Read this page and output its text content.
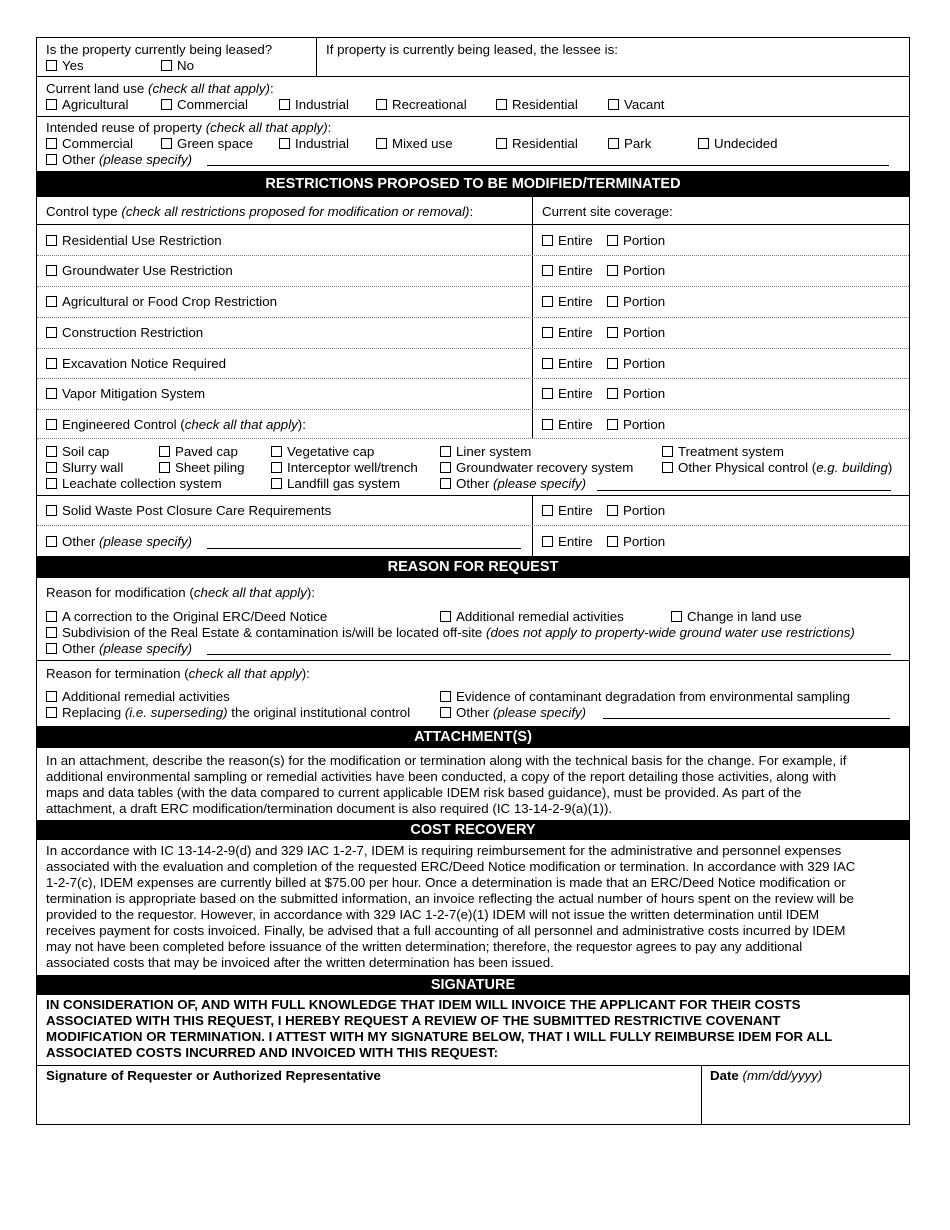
Is the property currently being leased?
Yes	No
If property is currently being leased, the lessee is:
Current land use (check all that apply):
Agricultural	Commercial	Industrial	Recreational	Residential	Vacant
Intended reuse of property (check all that apply):
Commercial	Green space	Industrial	Mixed use	Residential	Park	Undecided
Other (please specify)
RESTRICTIONS PROPOSED TO BE MODIFIED/TERMINATED
Control type (check all restrictions proposed for modification or removal):	Current site coverage:
Residential Use Restriction	Entire	Portion
Groundwater Use Restriction	Entire	Portion
Agricultural or Food Crop Restriction	Entire	Portion
Construction Restriction	Entire	Portion
Excavation Notice Required	Entire	Portion
Vapor Mitigation System	Entire	Portion
Engineered Control (check all that apply):	Entire	Portion
Soil cap	Paved cap	Vegetative cap	Liner system	Treatment system
Slurry wall	Sheet piling	Interceptor well/trench	Groundwater recovery system	Other Physical control (e.g. building)
Leachate collection system	Landfill gas system	Other (please specify)
Solid Waste Post Closure Care Requirements	Entire	Portion
Other (please specify)	Entire	Portion
REASON FOR REQUEST
Reason for modification (check all that apply):
A correction to the Original ERC/Deed Notice	Additional remedial activities	Change in land use
Subdivision of the Real Estate & contamination is/will be located off-site (does not apply to property-wide ground water use restrictions)
Other (please specify)
Reason for termination (check all that apply):
Additional remedial activities	Evidence of contaminant degradation from environmental sampling
Replacing (i.e. superseding) the original institutional control	Other (please specify)
ATTACHMENT(S)
In an attachment, describe the reason(s) for the modification or termination along with the technical basis for the change. For example, if
additional environmental sampling or remedial activities have been conducted, a copy of the report detailing those activities, along with
maps and data tables (with the data compared to current applicable IDEM risk based guidance), must be provided. As part of the
attachment, a draft ERC modification/termination document is also required (IC 13-14-2-9(a)(1)).
COST RECOVERY
In accordance with IC 13-14-2-9(d) and 329 IAC 1-2-7, IDEM is requiring reimbursement for the administrative and personnel expenses
associated with the evaluation and completion of the requested ERC/Deed Notice modification or termination. In accordance with 329 IAC
1-2-7(c), IDEM expenses are currently billed at $75.00 per hour. Once a determination is made that an ERC/Deed Notice modification or
termination is appropriate based on the submitted information, an invoice reflecting the actual number of hours spent on the review will be
provided to the requestor. However, in accordance with 329 IAC 1-2-7(e)(1) IDEM will not issue the written determination until IDEM
receives payment for costs invoiced. Finally, be advised that a full accounting of all personnel and administrative costs incurred by IDEM
may not have been completed before issuance of the written determination; therefore, the requestor agrees to pay any additional
associated costs that may be invoiced after the written determination has been issued.
SIGNATURE
IN CONSIDERATION OF, AND WITH FULL KNOWLEDGE THAT IDEM WILL INVOICE THE APPLICANT FOR THEIR COSTS
ASSOCIATED WITH THIS REQUEST, I HEREBY REQUEST A REVIEW OF THE SUBMITTED RESTRICTIVE COVENANT
MODIFICATION OR TERMINATION. I ATTEST WITH MY SIGNATURE BELOW, THAT I WILL FULLY REIMBURSE IDEM FOR ALL
ASSOCIATED COSTS INCURRED AND INVOICED WITH THIS REQUEST:
Signature of Requester or Authorized Representative	Date (mm/dd/yyyy)
